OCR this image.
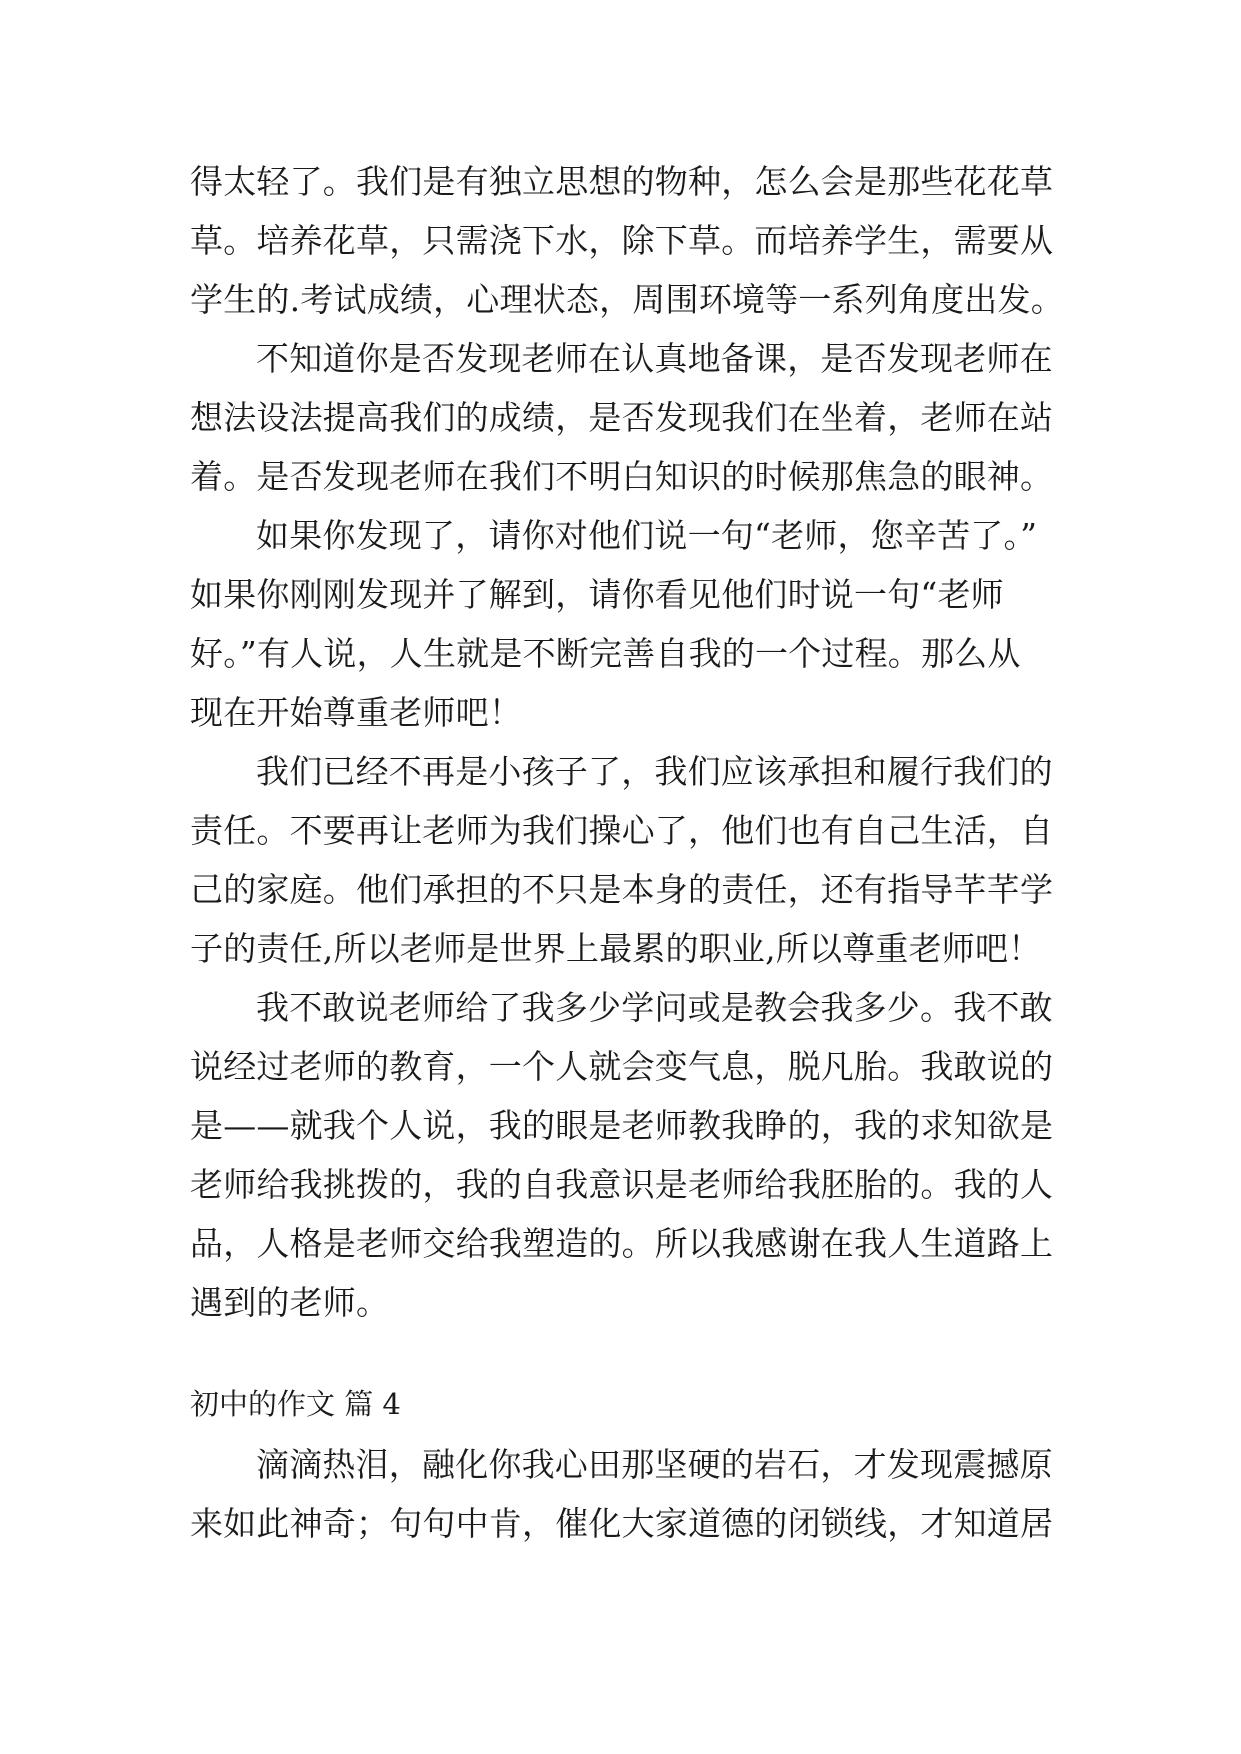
得太轻了。我们是有独立思想的物种，怎么会是那些花花草
草。培养花草，只需浇下水，除下草。而培养学生，需要从
学生的.考试成绩，心理状态，周围环境等一系列角度出发。
不知道你是否发现老师在认真地备课，是否发现老师在
想法设法提高我们的成绩，是否发现我们在坐着，老师在站
着。是否发现老师在我们不明白知识的时候那焦急的眼神。
如果你发现了，请你对他们说一句“老师，您辛苦了。”
如果你刚刚发现并了解到，请你看见他们时说一句“老师
好。”有人说，人生就是不断完善自我的一个过程。那么从
现在开始尊重老师吧！
我们已经不再是小孩子了，我们应该承担和履行我们的
责任。不要再让老师为我们操心了，他们也有自己生活，自
己的家庭。他们承担的不只是本身的责任，还有指导芊芊学
子的责任,所以老师是世界上最累的职业,所以尊重老师吧！
我不敢说老师给了我多少学问或是教会我多少。我不敢
说经过老师的教育，一个人就会变气息，脱凡胎。我敢说的
是——就我个人说，我的眼是老师教我睁的，我的求知欲是
老师给我挑拨的，我的自我意识是老师给我胚胎的。我的人
品，人格是老师交给我塑造的。所以我感谢在我人生道路上
遇到的老师。
初中的作文 篇 4
滴滴热泪，融化你我心田那坚硬的岩石，才发现震撼原
来如此神奇；句句中肯，催化大家道德的闭锁线，才知道居
